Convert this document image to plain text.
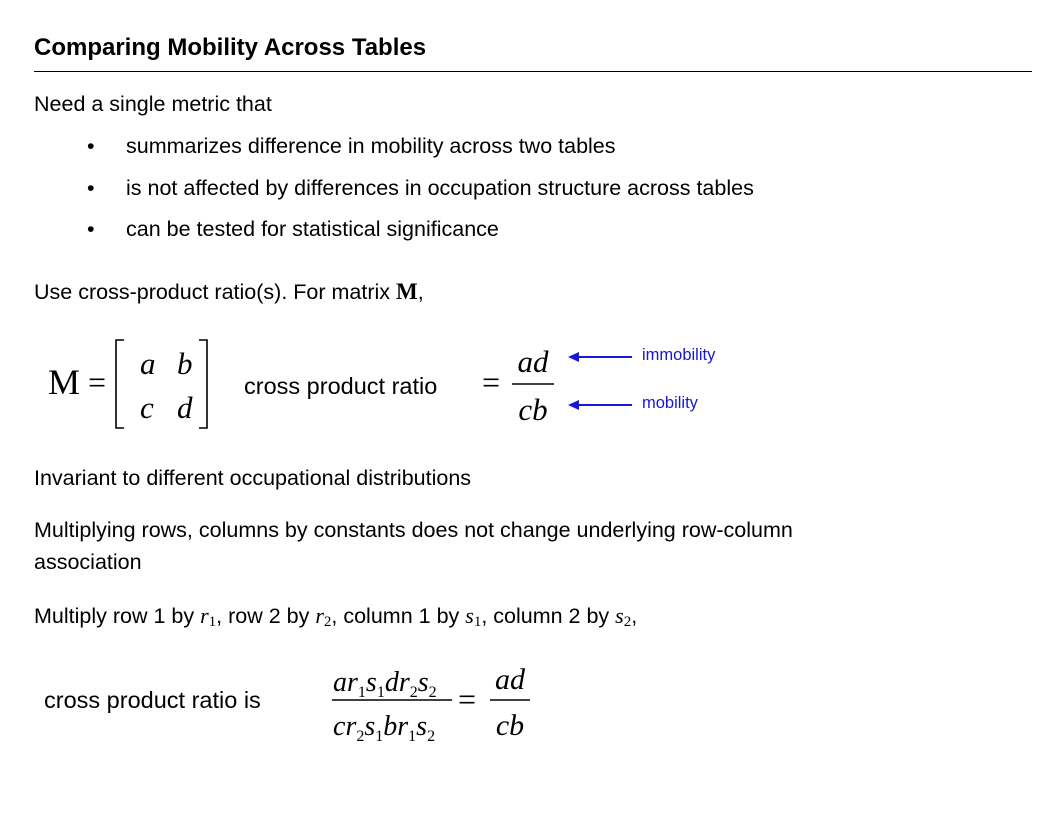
Comparing Mobility Across Tables
Need a single metric that
• summarizes difference in mobility across two tables
• is not affected by differences in occupation structure across tables
• can be tested for statistical significance
Use cross-product ratio(s). For matrix M,
M =
a b
c d
cross product ratio =
ad
cb
immobility
mobility
Invariant to different occupational distributions
Multiplying rows, columns by constants does not change underlying row-column
association
Multiply row 1 by $r_1$, row 2 by $r_2$, column 1 by $s_1$, column 2 by $s_2$,
cross product ratio is
$ar_1s_1dr_2s_2$
$cr_2s_1br_1s_2$
=
ad
cb
